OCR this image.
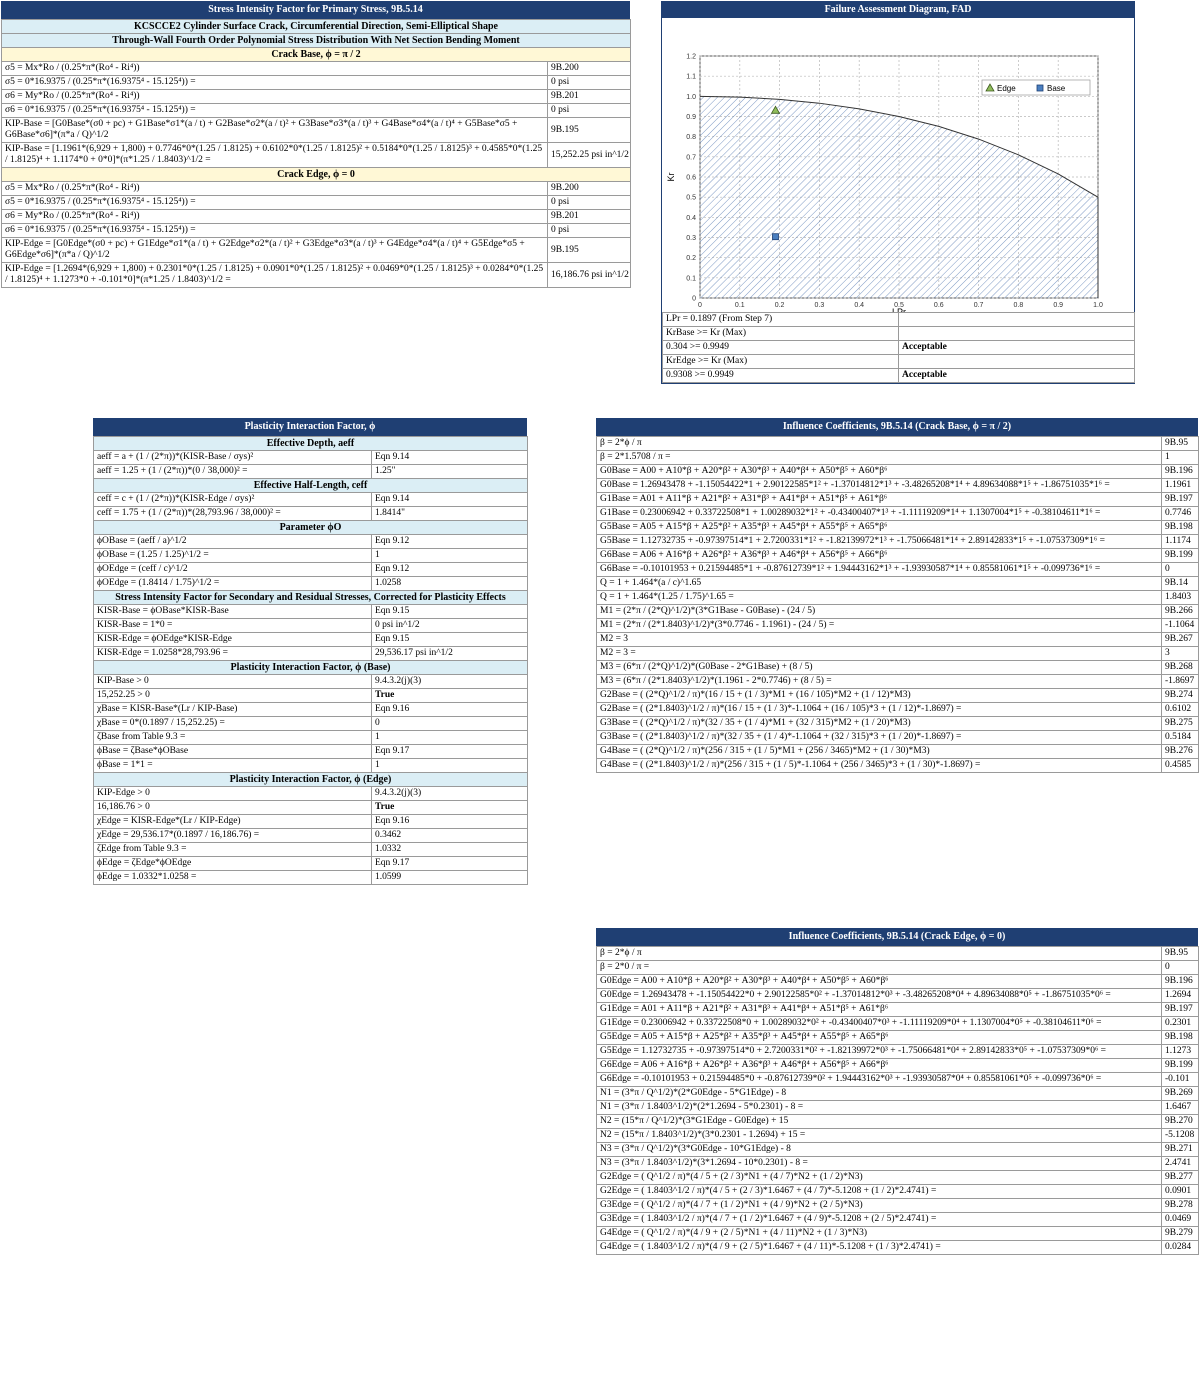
Stress Intensity Factor for Primary Stress, 9B.5.14
KCSCCE2 Cylinder Surface Crack, Circumferential Direction, Semi-Elliptical Shape	
Through-Wall Fourth Order Polynomial Stress Distribution With Net Section Bending Moment	
Crack Base, ϕ = π / 2	
σ5 = Mx*Ro / (0.25*π*(Ro⁴ - Ri⁴))	9B.200
σ5 = 0*16.9375 / (0.25*π*(16.9375⁴ - 15.125⁴)) =	0 psi
σ6 = My*Ro / (0.25*π*(Ro⁴ - Ri⁴))	9B.201
σ6 = 0*16.9375 / (0.25*π*(16.9375⁴ - 15.125⁴)) =	0 psi
KIP-Base = [G0Base*(σ0 + pc) + G1Base*σ1*(a / t) + G2Base*σ2*(a / t)² + G3Base*σ3*(a / t)³ + G4Base*σ4*(a / t)⁴ + G5Base*σ5 + G6Base*σ6]*(π*a / Q)^1/2	9B.195
KIP-Base = [1.1961*(6,929 + 1,800) + 0.7746*0*(1.25 / 1.8125) + 0.6102*0*(1.25 / 1.8125)² + 0.5184*0*(1.25 / 1.8125)³ + 0.4585*0*(1.25 / 1.8125)⁴ + 1.1174*0 + 0*0]*(π*1.25 / 1.8403)^1/2 =	15,252.25 psi in^1/2
Crack Edge, ϕ = 0	
σ5 = Mx*Ro / (0.25*π*(Ro⁴ - Ri⁴))	9B.200
σ5 = 0*16.9375 / (0.25*π*(16.9375⁴ - 15.125⁴)) =	0 psi
σ6 = My*Ro / (0.25*π*(Ro⁴ - Ri⁴))	9B.201
σ6 = 0*16.9375 / (0.25*π*(16.9375⁴ - 15.125⁴)) =	0 psi
KIP-Edge = [G0Edge*(σ0 + pc) + G1Edge*σ1*(a / t) + G2Edge*σ2*(a / t)² + G3Edge*σ3*(a / t)³ + G4Edge*σ4*(a / t)⁴ + G5Edge*σ5 + G6Edge*σ6]*(π*a / Q)^1/2	9B.195
KIP-Edge = [1.2694*(6,929 + 1,800) + 0.2301*0*(1.25 / 1.8125) + 0.0901*0*(1.25 / 1.8125)² + 0.0469*0*(1.25 / 1.8125)³ + 0.0284*0*(1.25 / 1.8125)⁴ + 1.1273*0 + -0.101*0]*(π*1.25 / 1.8403)^1/2 =	16,186.76 psi in^1/2
Failure Assessment Diagram, FAD
0	0.1	0.2	0.3	0.4	0.5	0.6	0.7	0.8	0.9	1.0
0
0.1
0.2
0.3
0.4
0.5
0.6
0.7
0.8
0.9
1.0
1.1
1.2
LPr
Kr
Edge	Base
LPr = 0.1897 (From Step 7)	
KrBase >= Kr (Max)	
0.304 >= 0.9949	Acceptable
KrEdge >= Kr (Max)	
0.9308 >= 0.9949	Acceptable
Plasticity Interaction Factor, ϕ
Effective Depth, aeff	
aeff = a + (1 / (2*π))*(KISR-Base / σys)²	Eqn 9.14
aeff = 1.25 + (1 / (2*π))*(0 / 38,000)² =	1.25"
Effective Half-Length, ceff	
ceff = c + (1 / (2*π))*(KISR-Edge / σys)²	Eqn 9.14
ceff = 1.75 + (1 / (2*π))*(28,793.96 / 38,000)² =	1.8414"
Parameter ϕO	
ϕOBase = (aeff / a)^1/2	Eqn 9.12
ϕOBase = (1.25 / 1.25)^1/2 =	1
ϕOEdge = (ceff / c)^1/2	Eqn 9.12
ϕOEdge = (1.8414 / 1.75)^1/2 =	1.0258
Stress Intensity Factor for Secondary and Residual Stresses, Corrected for Plasticity Effects	
KISR-Base = ϕOBase*KISR-Base	Eqn 9.15
KISR-Base = 1*0 =	0 psi in^1/2
KISR-Edge = ϕOEdge*KISR-Edge	Eqn 9.15
KISR-Edge = 1.0258*28,793.96 =	29,536.17 psi in^1/2
Plasticity Interaction Factor, ϕ (Base)	
KIP-Base > 0	9.4.3.2(j)(3)
15,252.25 > 0	True
χBase = KISR-Base*(Lr / KIP-Base)	Eqn 9.16
χBase = 0*(0.1897 / 15,252.25) =	0
ζBase from Table 9.3 =	1
ϕBase = ζBase*ϕOBase	Eqn 9.17
ϕBase = 1*1 =	1
Plasticity Interaction Factor, ϕ (Edge)	
KIP-Edge > 0	9.4.3.2(j)(3)
16,186.76 > 0	True
χEdge = KISR-Edge*(Lr / KIP-Edge)	Eqn 9.16
χEdge = 29,536.17*(0.1897 / 16,186.76) =	0.3462
ζEdge from Table 9.3 =	1.0332
ϕEdge = ζEdge*ϕOEdge	Eqn 9.17
ϕEdge = 1.0332*1.0258 =	1.0599
Influence Coefficients, 9B.5.14 (Crack Base, ϕ = π / 2)
β = 2*ϕ / π	9B.95
β = 2*1.5708 / π =	1
G0Base = A00 + A10*β + A20*β² + A30*β³ + A40*β⁴ + A50*β⁵ + A60*β⁶	9B.196
G0Base = 1.26943478 + -1.15054422*1 + 2.90122585*1² + -1.37014812*1³ + -3.48265208*1⁴ + 4.89634088*1⁵ + -1.86751035*1⁶ =	1.1961
G1Base = A01 + A11*β + A21*β² + A31*β³ + A41*β⁴ + A51*β⁵ + A61*β⁶	9B.197
G1Base = 0.23006942 + 0.33722508*1 + 1.00289032*1² + -0.43400407*1³ + -1.11119209*1⁴ + 1.1307004*1⁵ + -0.38104611*1⁶ =	0.7746
G5Base = A05 + A15*β + A25*β² + A35*β³ + A45*β⁴ + A55*β⁵ + A65*β⁶	9B.198
G5Base = 1.12732735 + -0.97397514*1 + 2.7200331*1² + -1.82139972*1³ + -1.75066481*1⁴ + 2.89142833*1⁵ + -1.07537309*1⁶ =	1.1174
G6Base = A06 + A16*β + A26*β² + A36*β³ + A46*β⁴ + A56*β⁵ + A66*β⁶	9B.199
G6Base = -0.10101953 + 0.21594485*1 + -0.87612739*1² + 1.94443162*1³ + -1.93930587*1⁴ + 0.85581061*1⁵ + -0.099736*1⁶ =	0
Q = 1 + 1.464*(a / c)^1.65	9B.14
Q = 1 + 1.464*(1.25 / 1.75)^1.65 =	1.8403
M1 = (2*π / (2*Q)^1/2)*(3*G1Base - G0Base) - (24 / 5)	9B.266
M1 = (2*π / (2*1.8403)^1/2)*(3*0.7746 - 1.1961) - (24 / 5) =	-1.1064
M2 = 3	9B.267
M2 = 3 =	3
M3 = (6*π / (2*Q)^1/2)*(G0Base - 2*G1Base) + (8 / 5)	9B.268
M3 = (6*π / (2*1.8403)^1/2)*(1.1961 - 2*0.7746) + (8 / 5) =	-1.8697
G2Base = ( (2*Q)^1/2 / π)*(16 / 15 + (1 / 3)*M1 + (16 / 105)*M2 + (1 / 12)*M3)	9B.274
G2Base = ( (2*1.8403)^1/2 / π)*(16 / 15 + (1 / 3)*-1.1064 + (16 / 105)*3 + (1 / 12)*-1.8697) =	0.6102
G3Base = ( (2*Q)^1/2 / π)*(32 / 35 + (1 / 4)*M1 + (32 / 315)*M2 + (1 / 20)*M3)	9B.275
G3Base = ( (2*1.8403)^1/2 / π)*(32 / 35 + (1 / 4)*-1.1064 + (32 / 315)*3 + (1 / 20)*-1.8697) =	0.5184
G4Base = ( (2*Q)^1/2 / π)*(256 / 315 + (1 / 5)*M1 + (256 / 3465)*M2 + (1 / 30)*M3)	9B.276
G4Base = ( (2*1.8403)^1/2 / π)*(256 / 315 + (1 / 5)*-1.1064 + (256 / 3465)*3 + (1 / 30)*-1.8697) =	0.4585
Influence Coefficients, 9B.5.14 (Crack Edge, ϕ = 0)
β = 2*ϕ / π	9B.95
β = 2*0 / π =	0
G0Edge = A00 + A10*β + A20*β² + A30*β³ + A40*β⁴ + A50*β⁵ + A60*β⁶	9B.196
G0Edge = 1.26943478 + -1.15054422*0 + 2.90122585*0² + -1.37014812*0³ + -3.48265208*0⁴ + 4.89634088*0⁵ + -1.86751035*0⁶ =	1.2694
G1Edge = A01 + A11*β + A21*β² + A31*β³ + A41*β⁴ + A51*β⁵ + A61*β⁶	9B.197
G1Edge = 0.23006942 + 0.33722508*0 + 1.00289032*0² + -0.43400407*0³ + -1.11119209*0⁴ + 1.1307004*0⁵ + -0.38104611*0⁶ =	0.2301
G5Edge = A05 + A15*β + A25*β² + A35*β³ + A45*β⁴ + A55*β⁵ + A65*β⁶	9B.198
G5Edge = 1.12732735 + -0.97397514*0 + 2.7200331*0² + -1.82139972*0³ + -1.75066481*0⁴ + 2.89142833*0⁵ + -1.07537309*0⁶ =	1.1273
G6Edge = A06 + A16*β + A26*β² + A36*β³ + A46*β⁴ + A56*β⁵ + A66*β⁶	9B.199
G6Edge = -0.10101953 + 0.21594485*0 + -0.87612739*0² + 1.94443162*0³ + -1.93930587*0⁴ + 0.85581061*0⁵ + -0.099736*0⁶ =	-0.101
N1 = (3*π / Q^1/2)*(2*G0Edge - 5*G1Edge) - 8	9B.269
N1 = (3*π / 1.8403^1/2)*(2*1.2694 - 5*0.2301) - 8 =	1.6467
N2 = (15*π / Q^1/2)*(3*G1Edge - G0Edge) + 15	9B.270
N2 = (15*π / 1.8403^1/2)*(3*0.2301 - 1.2694) + 15 =	-5.1208
N3 = (3*π / Q^1/2)*(3*G0Edge - 10*G1Edge) - 8	9B.271
N3 = (3*π / 1.8403^1/2)*(3*1.2694 - 10*0.2301) - 8 =	2.4741
G2Edge = ( Q^1/2 / π)*(4 / 5 + (2 / 3)*N1 + (4 / 7)*N2 + (1 / 2)*N3)	9B.277
G2Edge = ( 1.8403^1/2 / π)*(4 / 5 + (2 / 3)*1.6467 + (4 / 7)*-5.1208 + (1 / 2)*2.4741) =	0.0901
G3Edge = ( Q^1/2 / π)*(4 / 7 + (1 / 2)*N1 + (4 / 9)*N2 + (2 / 5)*N3)	9B.278
G3Edge = ( 1.8403^1/2 / π)*(4 / 7 + (1 / 2)*1.6467 + (4 / 9)*-5.1208 + (2 / 5)*2.4741) =	0.0469
G4Edge = ( Q^1/2 / π)*(4 / 9 + (2 / 5)*N1 + (4 / 11)*N2 + (1 / 3)*N3)	9B.279
G4Edge = ( 1.8403^1/2 / π)*(4 / 9 + (2 / 5)*1.6467 + (4 / 11)*-5.1208 + (1 / 3)*2.4741) =	0.0284
